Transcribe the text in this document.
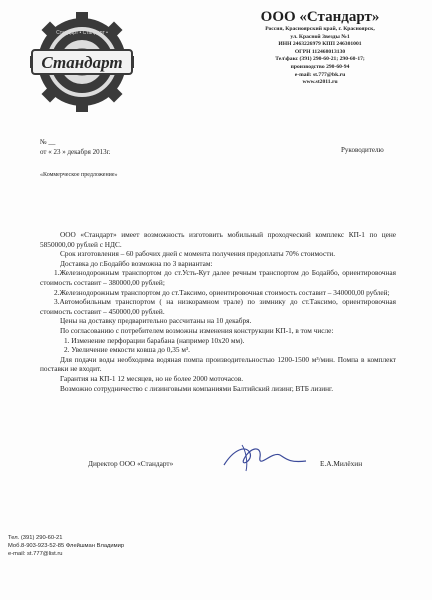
Стандарт
Стандарт • Стандарт •
ООО «Стандарт»
Россия, Красноярский край, г. Красноярск,
ул. Красной Звезды №1
ИНН 2463226979 КПП 246301001
ОГРН 112468013130
Тел\факс (391) 290-60-21; 290-60-17;
производство 290-60-94
e-mail: st.777@bk.ru
www.st2011.ru
№ __
от « 23 » декабря 2013г.	Руководителю
«Коммерческое предложение»

ООО «Стандарт» имеет возможность изготовить мобильный проходческий комплекс КП-1 по цене 5850000,00 рублей с НДС.

Срок изготовления – 60 рабочих дней с момента получения предоплаты 70% стоимости.

Доставка до г.Бодайбо возможна по 3 вариантам:

1.Железнодорожным транспортом до ст.Усть-Кут далее речным транспортом до Бодайбо, ориентировочная стоимость составит – 380000,00 рублей;

2.Железнодорожным транспортом до ст.Таксимо, ориентировочная стоимость составит – 340000,00 рублей;

3.Автомобильным транспортом ( на низкорамном трале) по зимнику до ст.Таксимо, ориентировочная стоимость составит – 450000,00 рублей.

Цены на доставку предварительно рассчитаны на 10 декабря.

По согласованию с потребителем возможны изменения конструкции КП-1, в том числе:

1. Изменение перфорации барабана (например 10х20 мм).

2. Увеличение емкости ковша до 0,35 м³.

Для подачи воды необходима водяная помпа производительностью 1200-1500 м³/мин. Помпа в комплект поставки не входит.

Гарантия на КП-1 12 месяцев, но не более 2000 моточасов.

Возможно сотрудничество с лизинговыми компаниями Балтийский лизинг, ВТБ лизинг.

Директор ООО «Стандарт»	Е.А.Милёхин
Тел. (391) 290-60-21
Моб.8-903-923-52-85 Флейшман Владимир
e-mail: st.777@list.ru
